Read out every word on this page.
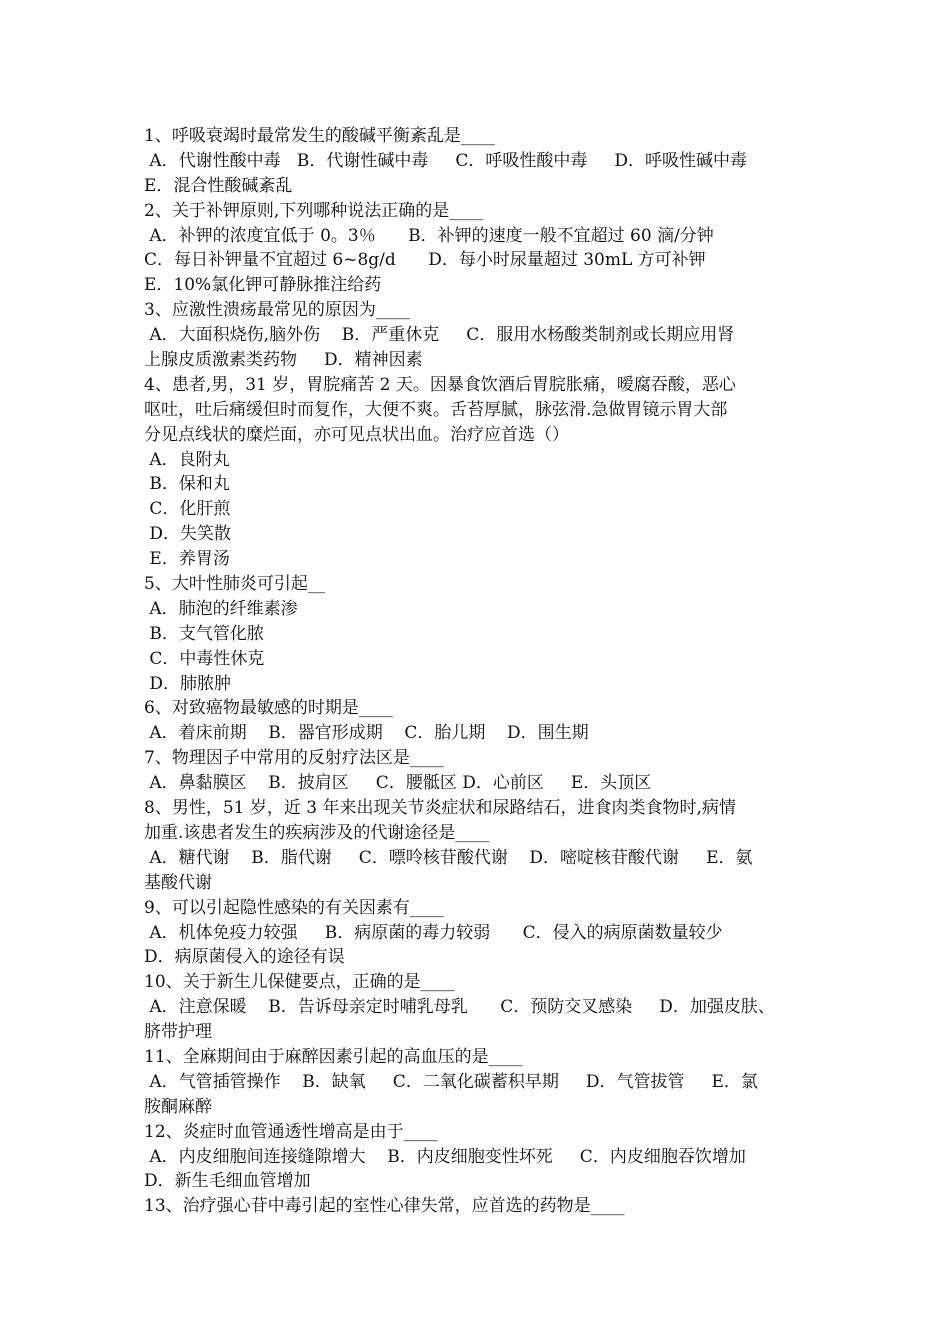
1、呼吸衰竭时最常发生的酸碱平衡紊乱是____
A．代谢性酸中毒   B．代谢性碱中毒     C．呼吸性酸中毒     D．呼吸性碱中毒
E．混合性酸碱紊乱
2、关于补钾原则,下列哪种说法正确的是____
A．补钾的浓度宜低于 0。3％      B．补钾的速度一般不宜超过 60 滴/分钟
C．每日补钾量不宜超过 6~8g/d      D．每小时尿量超过 30mL 方可补钾
E．10%氯化钾可静脉推注给药
3、应激性溃疡最常见的原因为____
A．大面积烧伤,脑外伤    B．严重休克     C．服用水杨酸类制剂或长期应用肾
上腺皮质激素类药物     D．精神因素
4、患者,男，31 岁，胃脘痛苦 2 天。因暴食饮酒后胃脘胀痛，嗳腐吞酸，恶心
呕吐，吐后痛缓但时而复作，大便不爽。舌苔厚腻，脉弦滑.急做胃镜示胃大部
分见点线状的糜烂面，亦可见点状出血。治疗应首选（）
A．良附丸
B．保和丸
C．化肝煎
D．失笑散
E．养胃汤
5、大叶性肺炎可引起__
A．肺泡的纤维素渗
B．支气管化脓
C．中毒性休克
D．肺脓肿
6、对致癌物最敏感的时期是____
A．着床前期    B．器官形成期    C．胎儿期    D．围生期
7、物理因子中常用的反射疗法区是____
A．鼻黏膜区    B．披肩区     C．腰骶区 D．心前区     E．头顶区
8、男性，51 岁，近 3 年来出现关节炎症状和尿路结石，进食肉类食物时,病情
加重.该患者发生的疾病涉及的代谢途径是____
A．糖代谢    B．脂代谢     C．嘌呤核苷酸代谢    D．嘧啶核苷酸代谢     E．氨
基酸代谢
9、可以引起隐性感染的有关因素有____
A．机体免疫力较强     B．病原菌的毒力较弱      C．侵入的病原菌数量较少
D．病原菌侵入的途径有误
10、关于新生儿保健要点，正确的是____
A．注意保暖    B．告诉母亲定时哺乳母乳      C．预防交叉感染     D．加强皮肤、
脐带护理
11、全麻期间由于麻醉因素引起的高血压的是____
A．气管插管操作    B．缺氧     C．二氧化碳蓄积早期     D．气管拔管     E．氯
胺酮麻醉
12、炎症时血管通透性增高是由于____
A．内皮细胞间连接缝隙增大    B．内皮细胞变性坏死     C．内皮细胞吞饮增加
D．新生毛细血管增加
13、治疗强心苷中毒引起的室性心律失常，应首选的药物是____
